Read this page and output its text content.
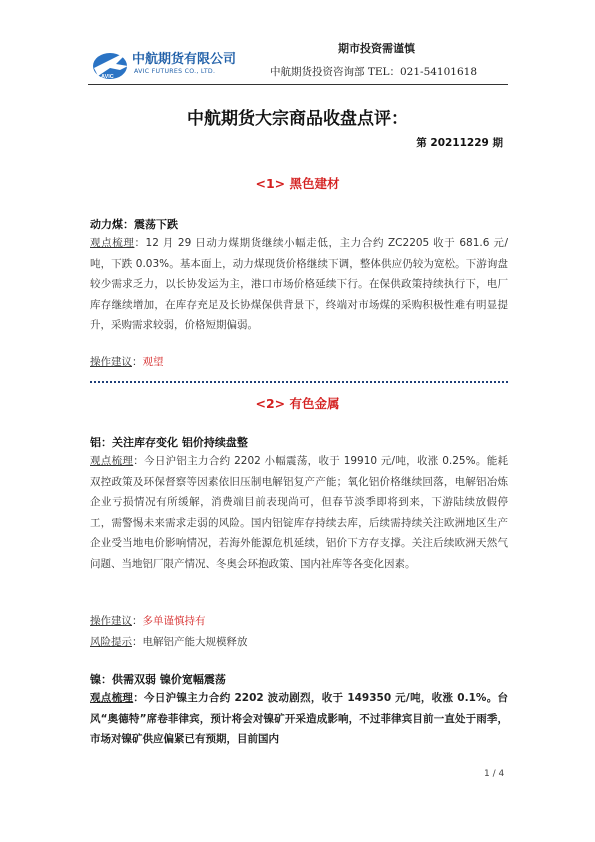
AVIC
中航期货有限公司
AVIC FUTURES CO., LTD.
期市投资需谨慎
中航期货投资咨询部 TEL：021-54101618
中航期货大宗商品收盘点评：
第 20211229 期
<1> 黑色建材
动力煤：震荡下跌
观点梳理：12 月 29 日动力煤期货继续小幅走低，主力合约 ZC2205 收于 681.6 元/吨，下跌 0.03%。基本面上，动力煤现货价格继续下调，整体供应仍较为宽松。下游询盘较少需求乏力，以长协发运为主，港口市场价格延续下行。在保供政策持续执行下，电厂库存继续增加，在库存充足及长协煤保供背景下，终端对市场煤的采购积极性难有明显提升，采购需求较弱，价格短期偏弱。
操作建议：观望
<2> 有色金属
铝：关注库存变化 铝价持续盘整
观点梳理：今日沪铝主力合约 2202 小幅震荡，收于 19910 元/吨，收涨 0.25%。能耗双控政策及环保督察等因素依旧压制电解铝复产产能；氧化铝价格继续回落，电解铝冶炼企业亏损情况有所缓解，消费端目前表现尚可，但春节淡季即将到来，下游陆续放假停工，需警惕未来需求走弱的风险。国内铝锭库存持续去库，后续需持续关注欧洲地区生产企业受当地电价影响情况，若海外能源危机延续，铝价下方存支撑。关注后续欧洲天然气问题、当地铝厂限产情况、冬奥会环抱政策、国内社库等各变化因素。
操作建议：多单谨慎持有
风险提示：电解铝产能大规模释放
镍：供需双弱 镍价宽幅震荡
观点梳理：今日沪镍主力合约 2202 波动剧烈，收于 149350 元/吨，收涨 0.1%。台风“奥德特”席卷菲律宾，预计将会对镍矿开采造成影响，不过菲律宾目前一直处于雨季，市场对镍矿供应偏紧已有预期，目前国内
1 / 4
